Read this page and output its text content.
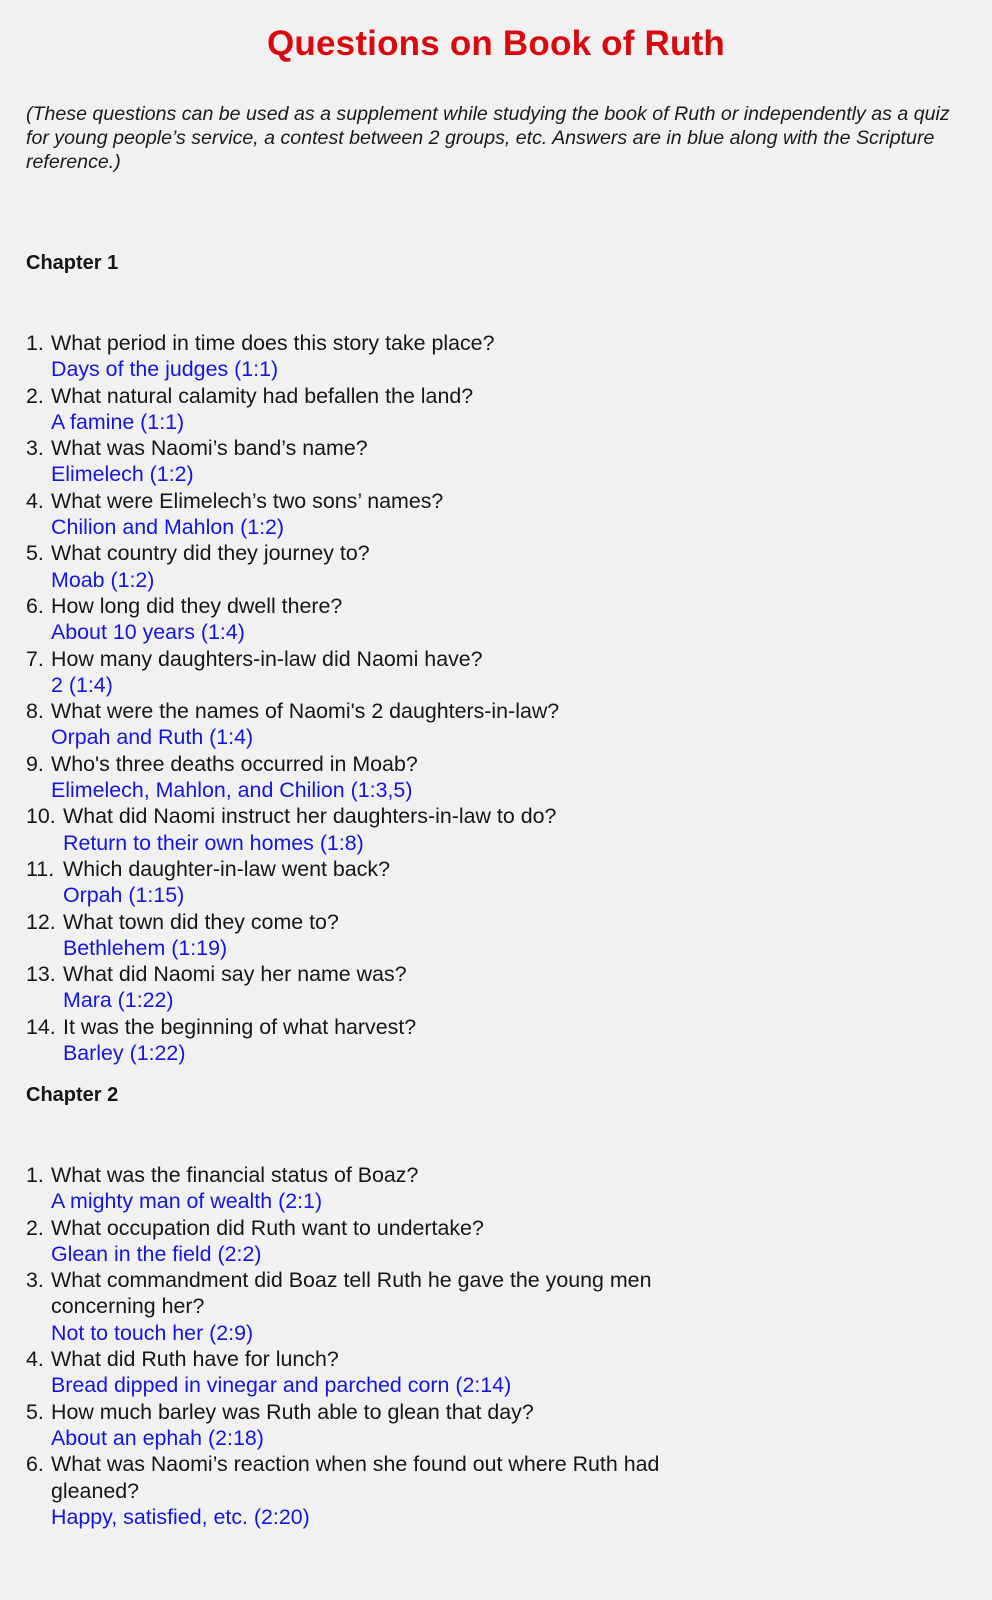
Questions on Book of Ruth

(These questions can be used as a supplement while studying the book of Ruth or independently as a quiz for young people’s service, a contest between 2 groups, etc. Answers are in blue along with the Scripture reference.)

Chapter 1
1. What period in time does this story take place?
Days of the judges (1:1)
2. What natural calamity had befallen the land?
A famine (1:1)
3. What was Naomi’s band’s name?
Elimelech (1:2)
4. What were Elimelech’s two sons’ names?
Chilion and Mahlon (1:2)
5. What country did they journey to?
Moab (1:2)
6. How long did they dwell there?
About 10 years (1:4)
7. How many daughters-in-law did Naomi have?
2 (1:4)
8. What were the names of Naomi's 2 daughters-in-law?
Orpah and Ruth (1:4)
9. Who's three deaths occurred in Moab?
Elimelech, Mahlon, and Chilion (1:3,5)
10. What did Naomi instruct her daughters-in-law to do?
Return to their own homes (1:8)
11. Which daughter-in-law went back?
Orpah (1:15)
12. What town did they come to?
Bethlehem (1:19)
13. What did Naomi say her name was?
Mara (1:22)
14. It was the beginning of what harvest?
Barley (1:22)
Chapter 2
1. What was the financial status of Boaz?
A mighty man of wealth (2:1)
2. What occupation did Ruth want to undertake?
Glean in the field (2:2)
3. What commandment did Boaz tell Ruth he gave the young men concerning her?
Not to touch her (2:9)
4. What did Ruth have for lunch?
Bread dipped in vinegar and parched corn (2:14)
5. How much barley was Ruth able to glean that day?
About an ephah (2:18)
6. What was Naomi’s reaction when she found out where Ruth had gleaned?
Happy, satisfied, etc. (2:20)
